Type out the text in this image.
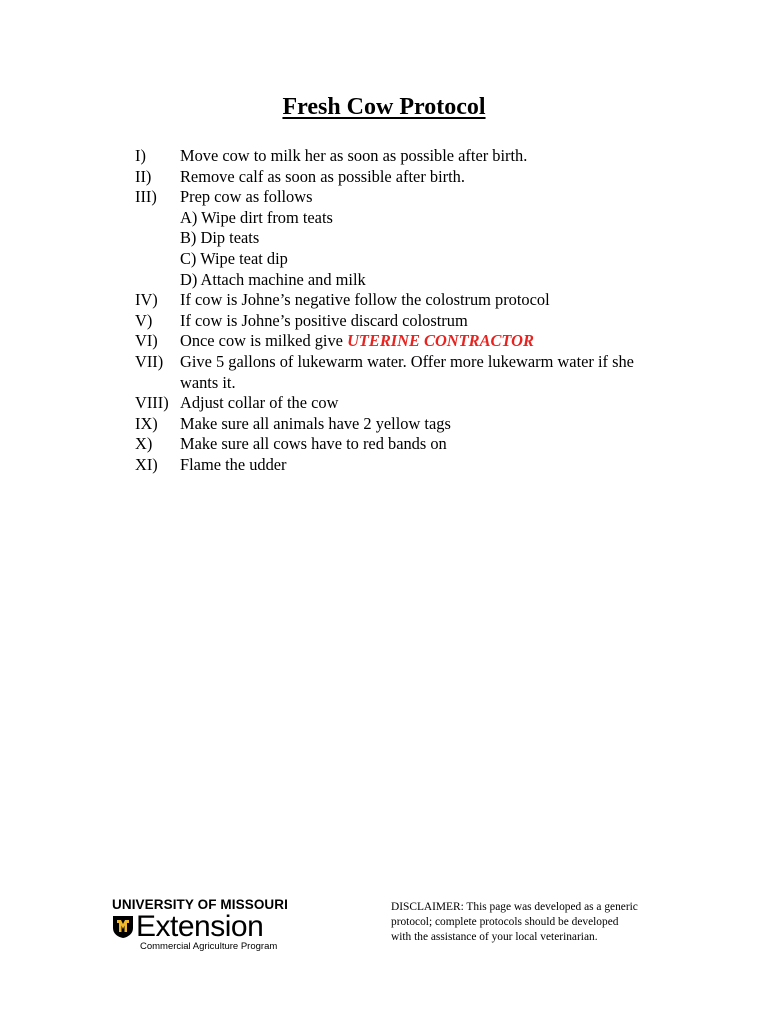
Fresh Cow Protocol
I)	Move cow to milk her as soon as possible after birth.
II)	Remove calf as soon as possible after birth.
III)	Prep cow as follows
A) Wipe dirt from teats
B) Dip teats
C) Wipe teat dip
D) Attach machine and milk
IV)	If cow is Johne’s negative follow the colostrum protocol
V)	If cow is Johne’s positive discard colostrum
VI)	Once cow is milked give UTERINE CONTRACTOR
VII)	Give 5 gallons of lukewarm water. Offer more lukewarm water if she wants it.
VIII) Adjust collar of the cow
IX)	Make sure all animals have 2 yellow tags
X)	Make sure all cows have to red bands on
XI)	Flame the udder
UNIVERSITY OF MISSOURI
Extension
Commercial Agriculture Program
DISCLAIMER: This page was developed as a generic protocol; complete protocols should be developed with the assistance of your local veterinarian.
